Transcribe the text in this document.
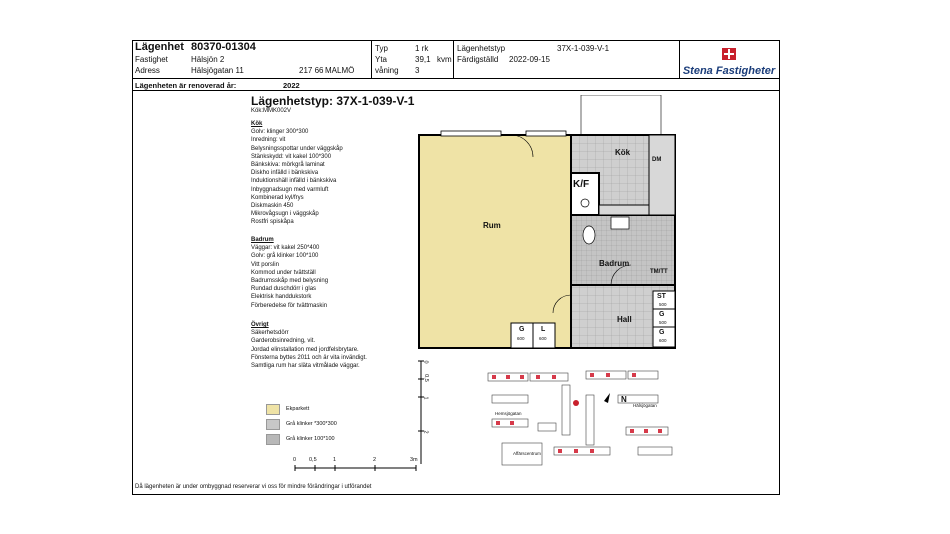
Lägenhet 80370-01304
Fastighet	Hälsjön 2
Adress	Hälsjögatan 11	217 66 MALMÖ
Typ	1 rk
Yta	39,1 kvm
våning 3
Lägenhetstyp	37X-1-039-V-1
Färdigställd 2022-09-15
Stena Fastigheter
Lägenheten är renoverad år:	2022
Lägenhetstyp: 37X-1-039-V-1
Kök:MMK002V
Kök
Golv: klinger 300*300
Inredning: vit
Belysningsspottar under väggskåp
Stänkskydd: vit kakel 100*300
Bänkskiva: mörkgrå laminat
Diskho infälld i bänkskiva
Induktionshäll infälld i bänkskiva
Inbyggnadsugn med varmluft
Kombinerad kyl/frys
Diskmaskin 450
Mikrovågsugn i väggskåp
Rostfri spiskåpa
Badrum
Väggar: vit kakel 250*400
Golv: grå klinker 100*100
Vitt porslin
Kommod under tvättställ
Badrumsskåp med belysning
Rundad duschdörr i glas
Elektrisk handdukstork
Förberedelse för tvättmaskin
Övrigt
Säkerhetsdörr
Garderobsinredning, vit.
Jordad elinstallation med jordfelsbrytare.
Fönsterna byttes 2011 och är vita invändigt.
Samtliga rum har släta vitmålade väggar.
Ekparkett
Grå klinker *300*300
Grå klinker 100*100
0 0,5	1	2	3m
0
0,5
1
2
Rum
Kök
K/F
Badrum
Hall
DM
TM/TT
ST
500
G
500
G
600
G
600
L
600
N
Hemsjögatan
Hälsjögatan
Affärscentrum
Då lägenheten är under ombyggnad reserverar vi oss för mindre förändringar i utförandet
